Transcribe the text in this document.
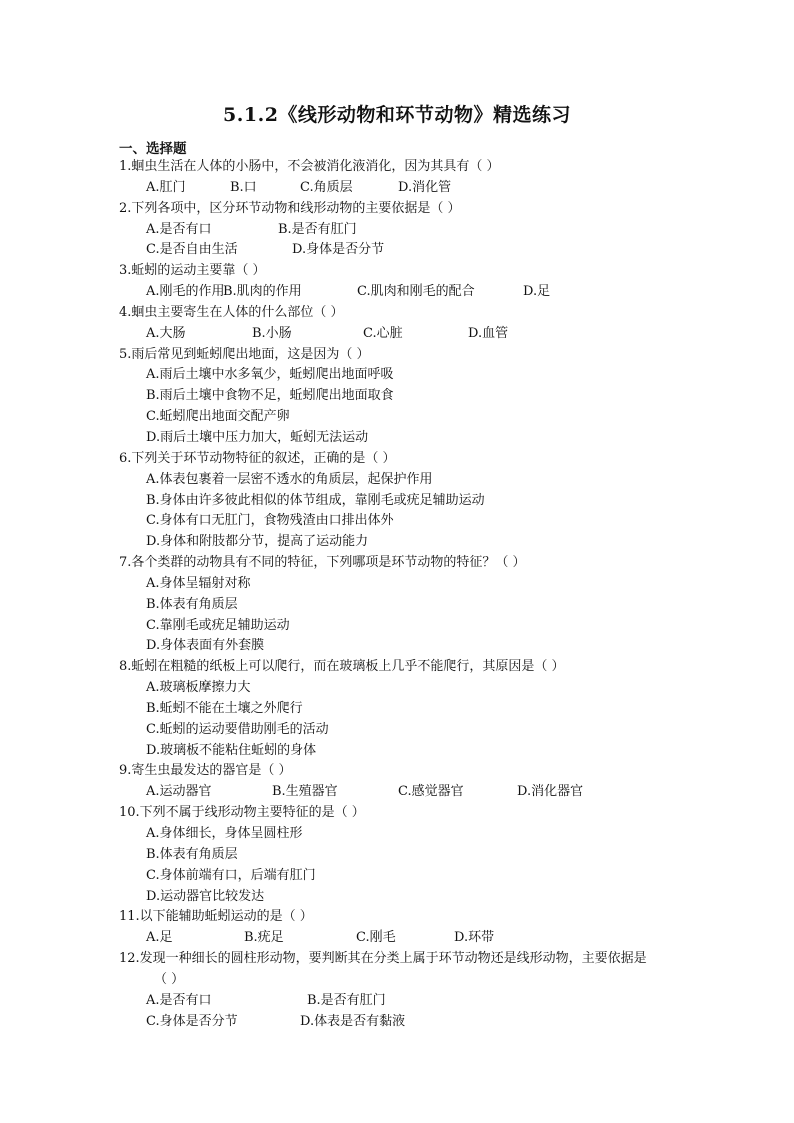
5.1.2《线形动物和环节动物》精选练习
一、选择题
1.蛔虫生活在人体的小肠中，不会被消化液消化，因为其具有（ ）
A.肛门	B.口	C.角质层	D.消化管
2.下列各项中，区分环节动物和线形动物的主要依据是（ ）
A.是否有口	B.是否有肛门
C.是否自由生活	D.身体是否分节
3.蚯蚓的运动主要靠（ ）
A.刚毛的作用
B.肌肉的作用	C.肌肉和刚毛的配合	D.足
4.蛔虫主要寄生在人体的什么部位（ ）
A.大肠	B.小肠	C.心脏	D.血管
5.雨后常见到蚯蚓爬出地面，这是因为（ ）
A.雨后土壤中水多氧少，蚯蚓爬出地面呼吸
B.雨后土壤中食物不足，蚯蚓爬出地面取食
C.蚯蚓爬出地面交配产卵
D.雨后土壤中压力加大，蚯蚓无法运动
6.下列关于环节动物特征的叙述，正确的是（ ）
A.体表包裹着一层密不透水的角质层，起保护作用
B.身体由许多彼此相似的体节组成，靠刚毛或疣足辅助运动
C.身体有口无肛门，食物残渣由口排出体外
D.身体和附肢都分节，提高了运动能力
7.各个类群的动物具有不同的特征，下列哪项是环节动物的特征？（ ）
A.身体呈辐射对称
B.体表有角质层
C.靠刚毛或疣足辅助运动
D.身体表面有外套膜
8.蚯蚓在粗糙的纸板上可以爬行，而在玻璃板上几乎不能爬行，其原因是（ ）
A.玻璃板摩擦力大
B.蚯蚓不能在土壤之外爬行
C.蚯蚓的运动要借助刚毛的活动
D.玻璃板不能粘住蚯蚓的身体
9.寄生虫最发达的器官是（ ）
A.运动器官	B.生殖器官	C.感觉器官	D.消化器官
10.下列不属于线形动物主要特征的是（ ）
A.身体细长，身体呈圆柱形
B.体表有角质层
C.身体前端有口，后端有肛门
D.运动器官比较发达
11.以下能辅助蚯蚓运动的是（ ）
A.足	B.疣足	C.刚毛	D.环带
12.发现一种细长的圆柱形动物，要判断其在分类上属于环节动物还是线形动物，主要依据是
（ ）
A.是否有口	B.是否有肛门
C.身体是否分节	D.体表是否有黏液
